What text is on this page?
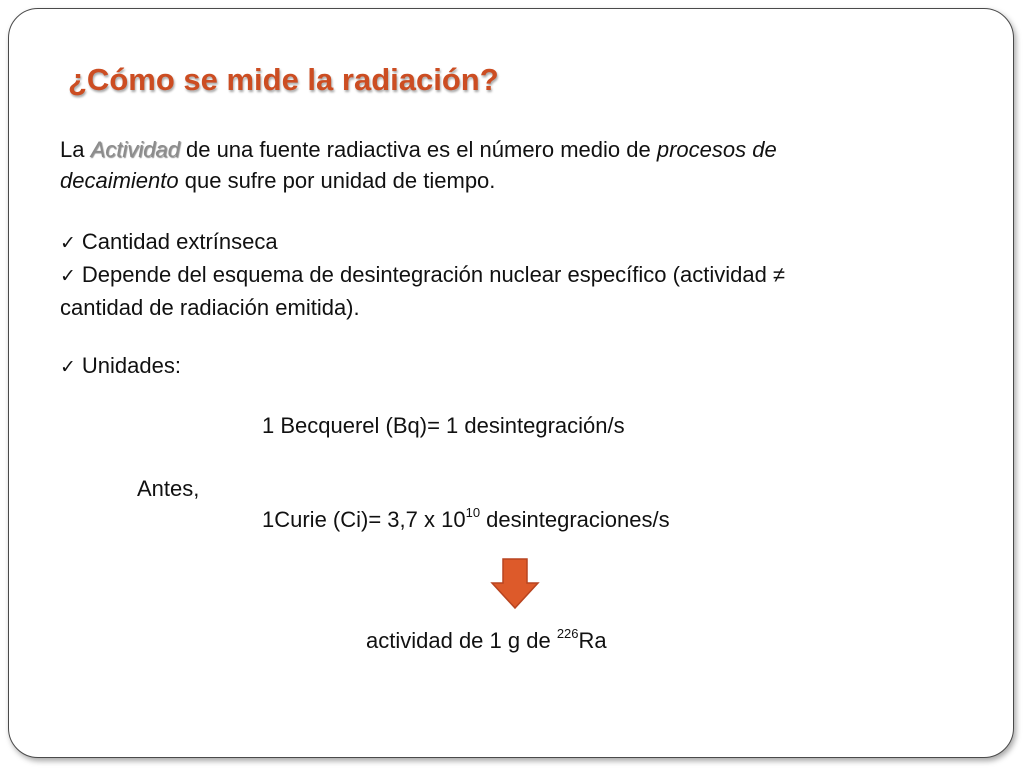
¿Cómo se mide la radiación?
La Actividad de una fuente radiactiva es el número medio de procesos de
decaimiento que sufre por unidad de tiempo.
✓ Cantidad extrínseca
✓ Depende del esquema de desintegración nuclear específico (actividad ≠
cantidad de radiación emitida).
✓ Unidades:
1 Becquerel (Bq)= 1 desintegración/s
Antes,
1Curie (Ci)= 3,7 x $10^{10}$ desintegraciones/s
actividad de 1 g de $^{226}$Ra
